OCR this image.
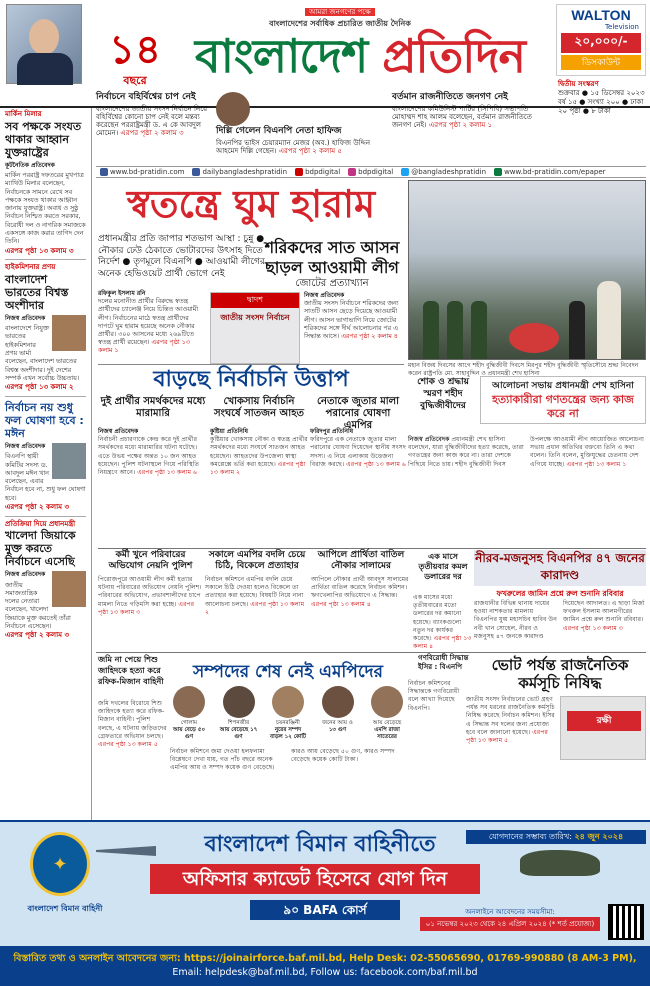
১৪
বছরে
আমরা জনগণের পক্ষে
বাংলাদেশের সর্বাধিক প্রচারিত জাতীয় দৈনিক
বাংলাদেশ প্রতিদিন
WALTON
Television
২০,০০০/-
ডিসকাউন্ট
দ্বিতীয় সংস্করণ
শুক্রবার ● ১৫ ডিসেম্বর ২০২৩
বর্ষ ১৫ ● সংখ্যা ২০০ ● ঢাকা
২০ পৃষ্ঠা ● ৮ টাকা
নির্বাচনে বহির্বিশ্বের চাপ নেই
বাংলাদেশের জাতীয় সংসদ নির্বাচন নিয়ে বহির্বিশ্বের কোনো চাপ নেই বলে মন্তব্য করেছেন পররাষ্ট্রমন্ত্রী ড. এ কে আবদুল মোমেন। এরপর পৃষ্ঠা ২ কলাম ৩	দিল্লি গেলেন বিএনপি নেতা হাফিজ
বিএনপির ভাইস চেয়ারম্যান মেজর (অব.) হাফিজ উদ্দিন আহমেদ দিল্লি গেছেন। এরপর পৃষ্ঠা ২ কলাম ৫
বর্তমান রাজনীতিতে জনগণ নেই
বাংলাদেশের কমিউনিস্ট পার্টির (সিপিবি) সভাপতি মোহাম্মদ শাহ আলম বলেছেন, বর্তমান রাজনীতিতে জনগণ নেই। এরপর পৃষ্ঠা ২ কলাম ১
www.bd-pratidin.com	dailybangladeshpratidin	bdpdigital	bdpdigital	@bangladeshpratidin	www.bd-pratidin.com/epaper
মার্কিন মিলার
সব পক্ষকে সংযত থাকার আহ্বান যুক্তরাষ্ট্রের
কূটনৈতিক প্রতিবেদক
মার্কিন পররাষ্ট্র দফতরের মুখপাত্র ম্যাথিউ মিলার বলেছেন, নির্বাচনকে সামনে রেখে সব পক্ষকে সংযত থাকার আহ্বান জানায় যুক্তরাষ্ট্র। অবাধ ও সুষ্ঠু নির্বাচন নিশ্চিত করতে সরকার, বিরোধী দল ও নাগরিক সমাজকে একসঙ্গে কাজ করার তাগিদ দেন তিনি।
এরপর পৃষ্ঠা ১৩ কলাম ৩
হাইকমিশনার প্রণয়
বাংলাদেশ ভারতের বিশ্বস্ত অংশীদার
নিজস্ব প্রতিবেদক
বাংলাদেশে নিযুক্ত ভারতের হাইকমিশনার প্রণয় ভার্মা বলেছেন, বাংলাদেশ ভারতের বিশ্বস্ত অংশীদার। দুই দেশের সম্পর্ক এখন সর্বোচ্চ উচ্চতায়।
এরপর পৃষ্ঠা ১৩ কলাম ২
নির্বাচন নয় শুধু ফল ঘোষণা হবে : মঈন
নিজস্ব প্রতিবেদক
বিএনপি স্থায়ী কমিটির সদস্য ড. আবদুল মঈন খান বলেছেন, এবার নির্বাচন হবে না, শুধু ফল ঘোষণা হবে।
এরপর পৃষ্ঠা ২ কলাম ৩
প্রতিক্রিয়া দিয়ে প্রধানমন্ত্রী
খালেদা জিয়াকে মুক্ত করতে নির্বাচনে এসেছি
নিজস্ব প্রতিবেদক
জাতীয় সমাজতান্ত্রিক দলের নেতারা বলেছেন, খালেদা জিয়াকে মুক্ত করতেই তাঁরা নির্বাচনে এসেছেন।
এরপর পৃষ্ঠা ২ কলাম ৩
স্বতন্ত্রে ঘুম হারাম
প্রধানমন্ত্রীর প্রতি জাপার শতভাগ আস্থা : চুন্নু ● নৌকার ঢেউ ঠেকাতে ভোটারদের উৎসাহ দিতে নির্দেশ ● তৃণমূলে বিএনপি ● আওয়ামী লীগের অনেক হেভিওয়েট প্রার্থী ভোগে নেই
শরিকদের সাত আসন ছাড়ল আওয়ামী লীগ
জোটের প্রত্যাখ্যান
রফিকুল ইসলাম রনি
দলের মনোনীত প্রার্থীর বিরুদ্ধে স্বতন্ত্র প্রার্থীদের চ্যালেঞ্জ নিয়ে চিন্তিত আওয়ামী লীগ। নির্বাচনের মাঠে স্বতন্ত্র প্রার্থীদের দাপটে ঘুম হারাম হয়েছে অনেক নৌকার প্রার্থীর। ৩০০ আসনের মধ্যে ২৬৯টিতে স্বতন্ত্র প্রার্থী রয়েছেন। এরপর পৃষ্ঠা ১৩ কলাম ১
দ্বাদশ
জাতীয় সংসদ নির্বাচন
নিজস্ব প্রতিবেদক
জাতীয় সংসদ নির্বাচনে শরিকদের জন্য সাতটি আসন ছেড়ে দিয়েছে আওয়ামী লীগ। আসন ভাগাভাগি নিয়ে জোটের শরিকদের সঙ্গে দীর্ঘ আলোচনার পর এ সিদ্ধান্ত আসে। এরপর পৃষ্ঠা ২ কলাম ৪
মহান বিজয় দিবসের আগে শহীদ বুদ্ধিজীবী দিবসে মিরপুর শহীদ বুদ্ধিজীবী স্মৃতিসৌধে শ্রদ্ধা নিবেদন করেন রাষ্ট্রপতি মো. সাহাবুদ্দিন ও প্রধানমন্ত্রী শেখ হাসিনা
বাড়ছে নির্বাচনি উত্তাপ
দুই প্রার্থীর সমর্থকদের মধ্যে মারামারি
খোকসায় নির্বাচনি সংঘর্ষে সাতজন আহত
নেতাকে জুতার মালা পরানোর ঘোষণা এমপির
নিজস্ব প্রতিবেদক
নির্বাচনী প্রচারণাকে কেন্দ্র করে দুই প্রার্থীর সমর্থকদের মধ্যে মারামারির ঘটনা ঘটেছে। এতে উভয় পক্ষের অন্তত ১০ জন আহত হয়েছেন। পুলিশ ঘটনাস্থলে গিয়ে পরিস্থিতি নিয়ন্ত্রণে আনে। এরপর পৃষ্ঠা ১৩ কলাম ৬
কুষ্টিয়া প্রতিনিধি
কুষ্টিয়ার খোকসায় নৌকা ও স্বতন্ত্র প্রার্থীর সমর্থকদের মধ্যে সংঘর্ষে সাতজন আহত হয়েছেন। আহতদের উপজেলা স্বাস্থ্য কমপ্লেক্সে ভর্তি করা হয়েছে। এরপর পৃষ্ঠা ১৩ কলাম ২
ফরিদপুর প্রতিনিধি
ফরিদপুরে এক নেতাকে জুতার মালা পরানোর ঘোষণা দিয়েছেন স্থানীয় সংসদ সদস্য। এ নিয়ে এলাকায় উত্তেজনা বিরাজ করছে। এরপর পৃষ্ঠা ১৩ কলাম ৬
শোক ও শ্রদ্ধায় স্মরণ শহীদ বুদ্ধিজীবীদের
আলোচনা সভায় প্রধানমন্ত্রী শেখ হাসিনা
হত্যাকারীরা গণতন্ত্রের জন্য কাজ করে না
নিজস্ব প্রতিবেদক প্রধানমন্ত্রী শেখ হাসিনা বলেছেন, যারা বুদ্ধিজীবীদের হত্যা করেছে, তারা গণতন্ত্রের জন্য কাজ করে না। তারা দেশকে পিছিয়ে নিতে চায়। শহীদ বুদ্ধিজীবী দিবস উপলক্ষে আওয়ামী লীগ আয়োজিত আলোচনা সভায় প্রধান অতিথির বক্তব্যে তিনি এ কথা বলেন। তিনি বলেন, মুক্তিযুদ্ধের চেতনায় দেশ এগিয়ে যাচ্ছে। এরপর পৃষ্ঠা ১৩ কলাম ১
কর্মী খুনে পরিবারের অভিযোগ নেয়নি পুলিশ
সকালে এমপির বদলি চেয়ে চিঠি, বিকেলে প্রত্যাহার
আপিলে প্রার্থিতা বাতিল নৌকার সালামের
এক মাসে তৃতীয়বার কমল ডলারের দর
নীরব-মজনুসহ বিএনপির ৪৭ জনের কারাদণ্ড
ফখরুলের জামিন প্রশ্নে রুল শুনানি রবিবার
পিরোজপুরে আওয়ামী লীগ কর্মী হত্যার ঘটনায় পরিবারের অভিযোগ নেয়নি পুলিশ। পরিবারের অভিযোগ, প্রভাবশালীদের চাপে মামলা নিতে গড়িমসি করা হচ্ছে। এরপর পৃষ্ঠা ১৩ কলাম ৩
নির্বাচন কমিশনে এমপির বদলি চেয়ে সকালে চিঠি দেওয়া হলেও বিকেলে তা প্রত্যাহার করা হয়েছে। বিষয়টি নিয়ে নানা আলোচনা চলছে। এরপর পৃষ্ঠা ১৩ কলাম ২
আপিলে নৌকার প্রার্থী আবদুস সালামের প্রার্থিতা বাতিল করেছে নির্বাচন কমিশন। ঋণখেলাপির অভিযোগে এ সিদ্ধান্ত। এরপর পৃষ্ঠা ১৩ কলাম ৪
এক মাসের মধ্যে তৃতীয়বারের মতো ডলারের দর কমানো হয়েছে। ব্যাংকগুলো নতুন দর কার্যকর করেছে। এরপর পৃষ্ঠা ১৩ কলাম ৪
রাজধানীর বিভিন্ন থানায় দায়ের হওয়া নাশকতার মামলায় বিএনপির যুগ্ম মহাসচিব হাবিব উন নবী খান সোহেল, নীরব ও মজনুসহ ৪৭ জনকে কারাদণ্ড দিয়েছেন আদালত। এ ছাড়া মির্জা ফখরুল ইসলাম আলমগীরের জামিন প্রশ্নে রুল শুনানি রবিবার। এরপর পৃষ্ঠা ১৩ কলাম ৩
জমি না পেয়ে শিশু জাহিদকে হত্যা করে রফিক-মিজান বাহিনী	সম্পদের শেষ নেই এমপিদের
গণবিরোধী সিদ্ধান্ত ইসির : বিএনপি	ভোট পর্যন্ত রাজনৈতিক কর্মসূচি নিষিদ্ধ
গোলাম
আয় বেড়ে ৫০ গুণ
শিপনজীর
আয় বেড়েছে ১৭ গুণ
চয়নরঞ্জিনী
নুরের সম্পদ বাড়ল ১২ কোটি
জনের আয় ও
১৩ গুণ
আয় বেড়েছে
এমপি রাজা সাতেরের
জমি দখলের বিরোধে শিশু জাহিদকে হত্যা করে রফিক-মিজান বাহিনী। পুলিশ বলছে, এ ঘটনায় জড়িতদের গ্রেফতারে অভিযান চলছে। এরপর পৃষ্ঠা ১৩ কলাম ৫
নির্বাচন কমিশনে জমা দেওয়া হলফনামা বিশ্লেষণে দেখা যায়, গত পাঁচ বছরে অনেক এমপির আয় ও সম্পদ কয়েক গুণ বেড়েছে। কারও আয় বেড়েছে ৫০ গুণ, কারও সম্পদ বেড়েছে কয়েক কোটি টাকা।
নির্বাচন কমিশনের সিদ্ধান্তকে গণবিরোধী বলে আখ্যা দিয়েছে বিএনপি।
জাতীয় সংসদ নির্বাচনের ভোট গ্রহণ পর্যন্ত সব ধরনের রাজনৈতিক কর্মসূচি নিষিদ্ধ করেছে নির্বাচন কমিশন। ইসির এ সিদ্ধান্ত সব দলের জন্য প্রযোজ্য হবে বলে জানানো হয়েছে। এরপর পৃষ্ঠা ১৩ কলাম ৫
রক্ষী
✦
বাংলাদেশ বিমান বাহিনী
বাংলাদেশ বিমান বাহিনীতে
অফিসার ক্যাডেট হিসেবে যোগ দিন
৯০ BAFA কোর্স
যোগদানের সম্ভাব্য তারিখ: ২৪ জুন ২০২৪
অনলাইনে আবেদনের সময়সীমা:
০১ নভেম্বর ২০২৩ থেকে ২৪ এপ্রিল ২০২৪ (* শর্ত প্রযোজ্য)
বিস্তারিত তথ্য ও অনলাইন আবেদনের জন্য: https://joinairforce.baf.mil.bd, Help Desk: 02-55065690, 01769-990880 (8 AM-3 PM),
Email: helpdesk@baf.mil.bd, Follow us: facebook.com/baf.mil.bd
